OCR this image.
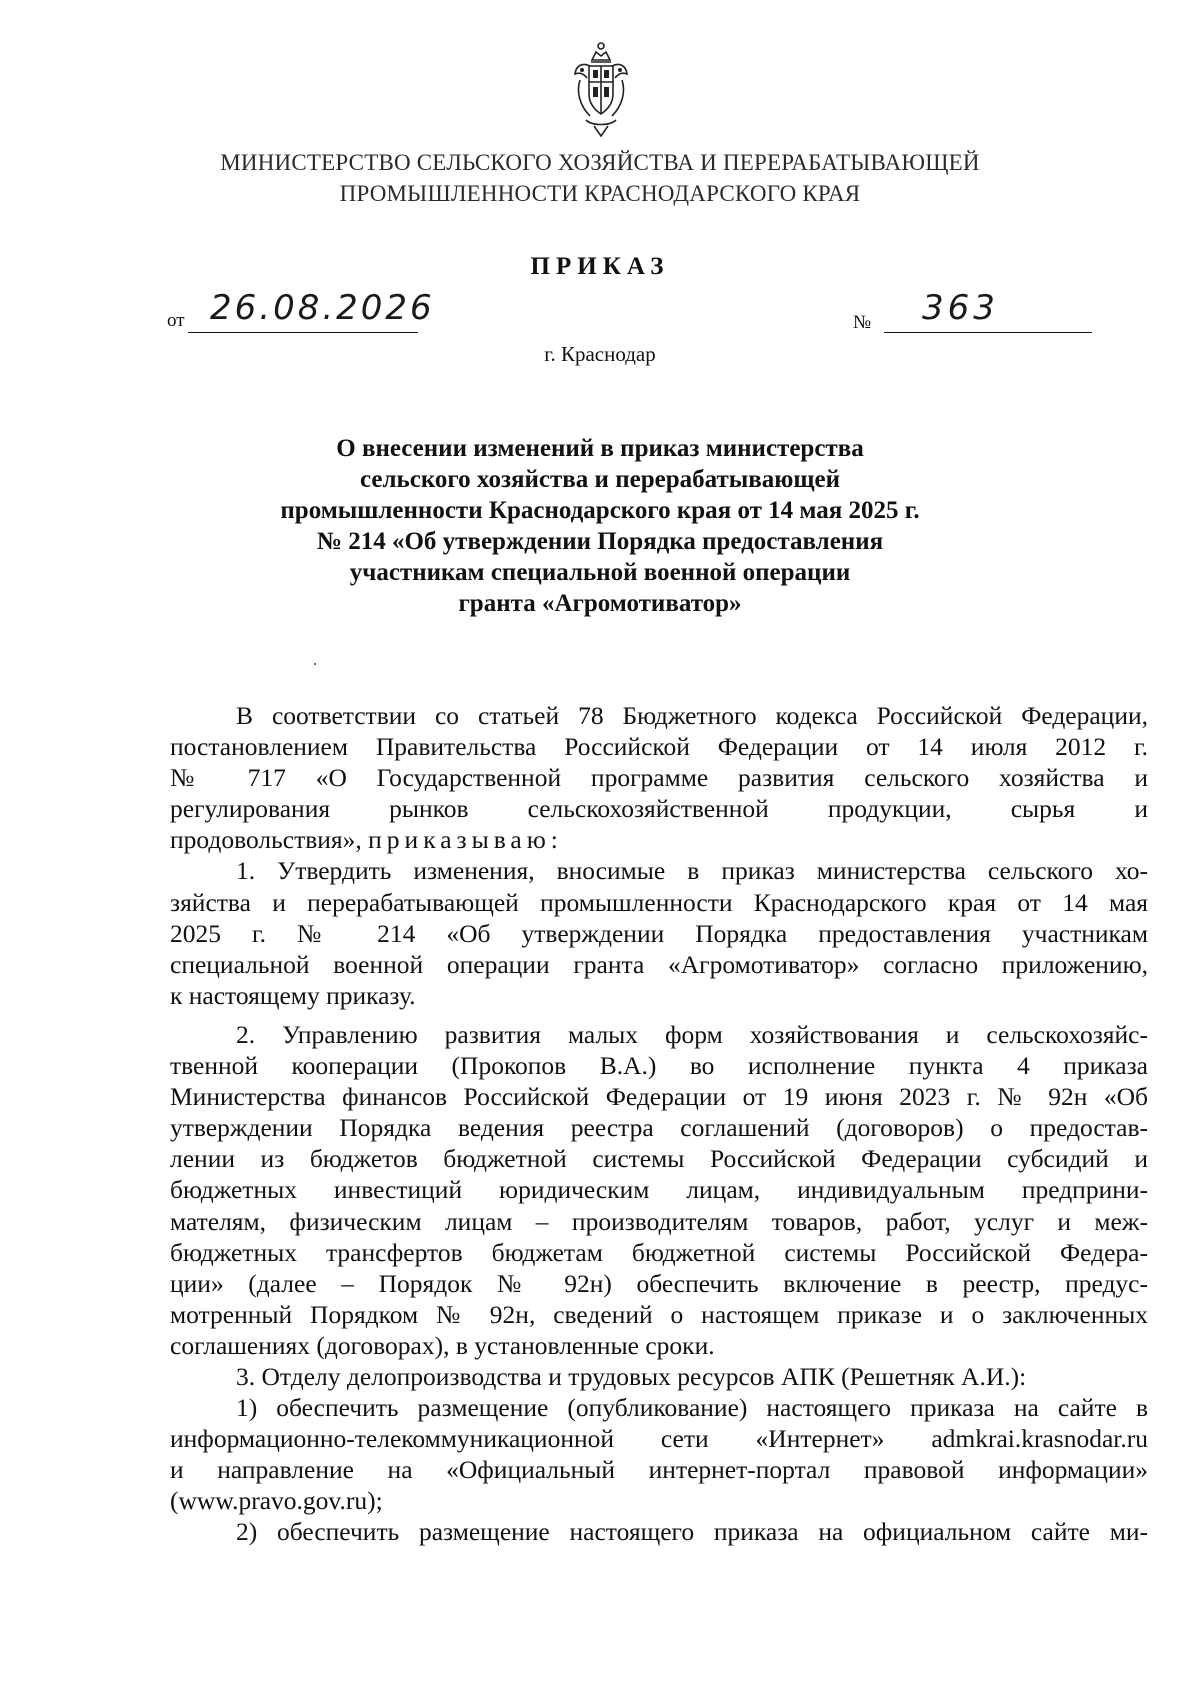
МИНИСТЕРСТВО СЕЛЬСКОГО ХОЗЯЙСТВА И ПЕРЕРАБАТЫВАЮЩЕЙ
ПРОМЫШЛЕННОСТИ КРАСНОДАРСКОГО КРАЯ
ПРИКАЗ
от 26.08.2026	№ 363
г. Краснодар
О внесении изменений в приказ министерства
сельского хозяйства и перерабатывающей
промышленности Краснодарского края от 14 мая 2025 г.
№ 214 «Об утверждении Порядка предоставления
участникам специальной военной операции
гранта «Агромотиватор»

В соответствии со статьей 78 Бюджетного кодекса Российской Федерации,

постановлением Правительства Российской Федерации от 14 июля 2012 г.

№ 717 «О Государственной программе развития сельского хозяйства и

регулирования рынков сельскохозяйственной продукции, сырья и

продовольствия», приказываю:

1. Утвердить изменения, вносимые в приказ министерства сельского хо-

зяйства и перерабатывающей промышленности Краснодарского края от 14 мая

2025 г. № 214 «Об утверждении Порядка предоставления участникам

специальной военной операции гранта «Агромотиватор» согласно приложению,

к настоящему приказу.

2. Управлению развития малых форм хозяйствования и сельскохозяйс-

твенной кооперации (Прокопов В.А.) во исполнение пункта 4 приказа

Министерства финансов Российской Федерации от 19 июня 2023 г. № 92н «Об

утверждении Порядка ведения реестра соглашений (договоров) о предостав-

лении из бюджетов бюджетной системы Российской Федерации субсидий и

бюджетных инвестиций юридическим лицам, индивидуальным предприни-

мателям, физическим лицам – производителям товаров, работ, услуг и меж-

бюджетных трансфертов бюджетам бюджетной системы Российской Федера-

ции» (далее – Порядок № 92н) обеспечить включение в реестр, предус-

мотренный Порядком № 92н, сведений о настоящем приказе и о заключенных

соглашениях (договорах), в установленные сроки.

3. Отделу делопроизводства и трудовых ресурсов АПК (Решетняк А.И.):

1) обеспечить размещение (опубликование) настоящего приказа на сайте в

информационно-телекоммуникационной сети «Интернет» admkrai.krasnodar.ru

и направление на «Официальный интернет-портал правовой информации»

(www.pravo.gov.ru);

2) обеспечить размещение настоящего приказа на официальном сайте ми-
